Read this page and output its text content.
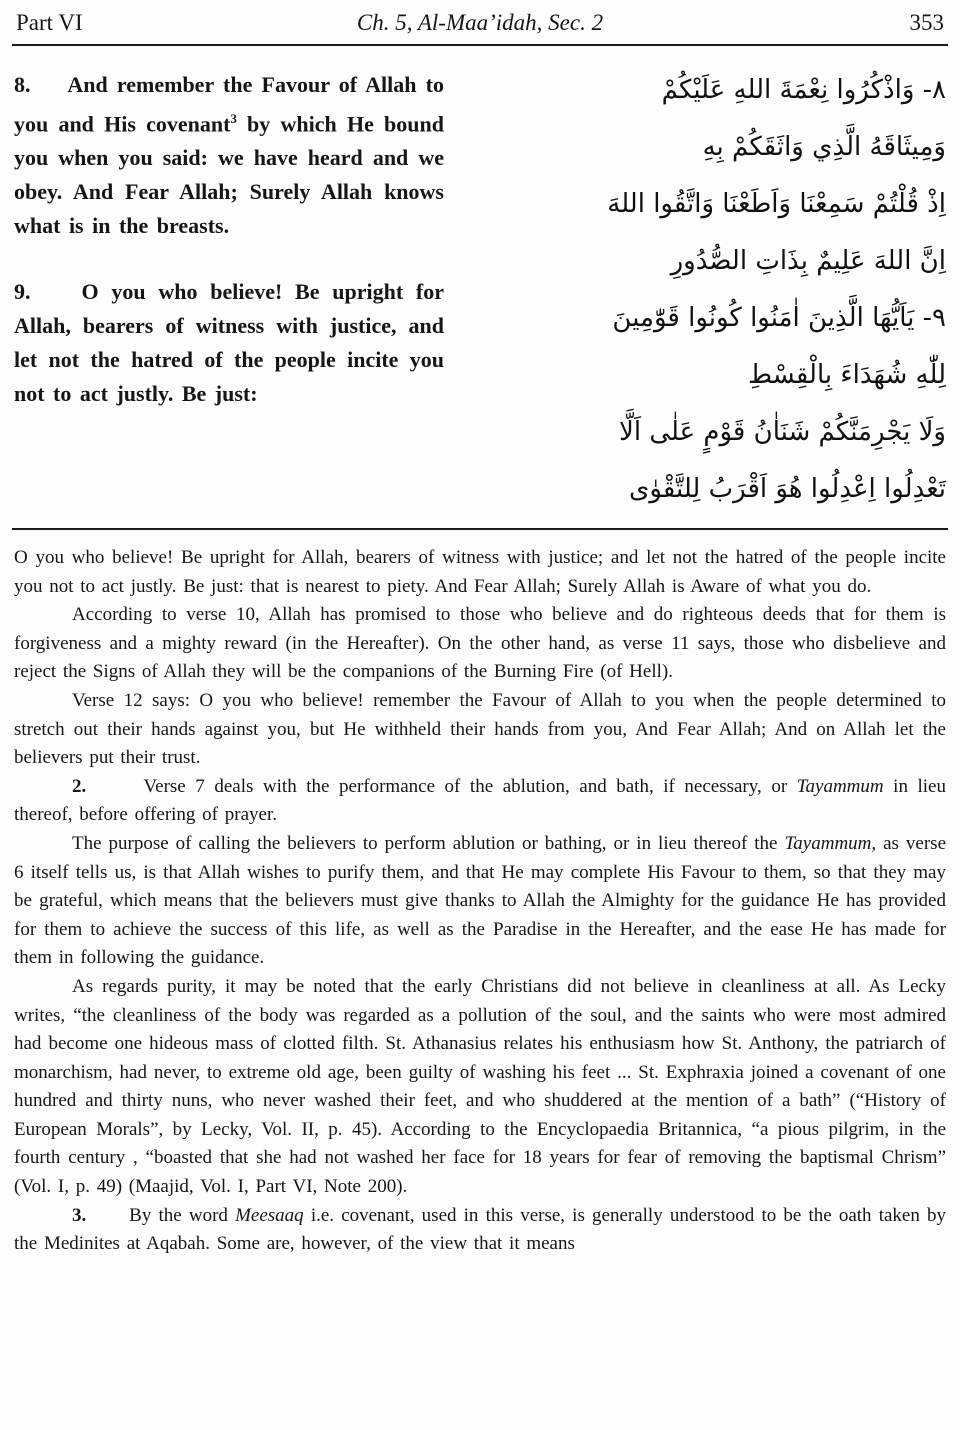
Part VI	Ch. 5, Al-Maa’idah, Sec. 2	353

8.    And remember the Favour of Allah to you and His covenant$^3$ by which He bound you when you said: we have heard and we obey. And Fear Allah; Surely Allah knows what is in the breasts.

9.    O you who believe! Be upright for Allah, bearers of witness with justice, and let not the hatred of the people incite you not to act justly. Be just:

٨- وَاذْكُرُوا نِعْمَةَ اللهِ عَلَيْكُمْ
وَمِيثَاقَهُ الَّذِي وَاثَقَكُمْ بِهِ
اِذْ قُلْتُمْ سَمِعْنَا وَاَطَعْنَا وَاتَّقُوا اللهَ
اِنَّ اللهَ عَلِيمٌ بِذَاتِ الصُّدُورِ
٩- يَاَيُّهَا الَّذِينَ اٰمَنُوا كُونُوا قَوّٰمِينَ
لِلّٰهِ شُهَدَاءَ بِالْقِسْطِ
وَلَا يَجْرِمَنَّكُمْ شَنَاٰنُ قَوْمٍ عَلٰى اَلَّا
تَعْدِلُوا اِعْدِلُوا هُوَ اَقْرَبُ لِلتَّقْوٰى

O you who believe! Be upright for Allah, bearers of witness with justice; and let not the hatred of the people incite you not to act justly. Be just: that is nearest to piety. And Fear Allah; Surely Allah is Aware of what you do.

According to verse 10, Allah has promised to those who believe and do righteous deeds that for them is forgiveness and a mighty reward (in the Hereafter). On the other hand, as verse 11 says, those who disbelieve and reject the Signs of Allah they will be the companions of the Burning Fire (of Hell).

Verse 12 says: O you who believe! remember the Favour of Allah to you when the people determined to stretch out their hands against you, but He withheld their hands from you, And Fear Allah; And on Allah let the believers put their trust.

2.      Verse 7 deals with the performance of the ablution, and bath, if necessary, or Tayammum in lieu thereof, before offering of prayer.

The purpose of calling the believers to perform ablution or bathing, or in lieu thereof the Tayammum, as verse 6 itself tells us, is that Allah wishes to purify them, and that He may complete His Favour to them, so that they may be grateful, which means that the believers must give thanks to Allah the Almighty for the guidance He has provided for them to achieve the success of this life, as well as the Paradise in the Hereafter, and the ease He has made for them in following the guidance.

As regards purity, it may be noted that the early Christians did not believe in cleanliness at all. As Lecky writes, “the cleanliness of the body was regarded as a pollution of the soul, and the saints who were most admired had become one hideous mass of clotted filth. St. Athanasius relates his enthusiasm how St. Anthony, the patriarch of monarchism, had never, to extreme old age, been guilty of washing his feet ... St. Exphraxia joined a covenant of one hundred and thirty nuns, who never washed their feet, and who shuddered at the mention of a bath” (“History of European Morals”, by Lecky, Vol. II, p. 45). According to the Encyclopaedia Britannica, “a pious pilgrim, in the fourth century , “boasted that she had not washed her face for 18 years for fear of removing the baptismal Chrism” (Vol. I, p. 49) (Maajid, Vol. I, Part VI, Note 200).

3.      By the word Meesaaq i.e. covenant, used in this verse, is generally understood to be the oath taken by the Medinites at Aqabah. Some are, however, of the view that it means
